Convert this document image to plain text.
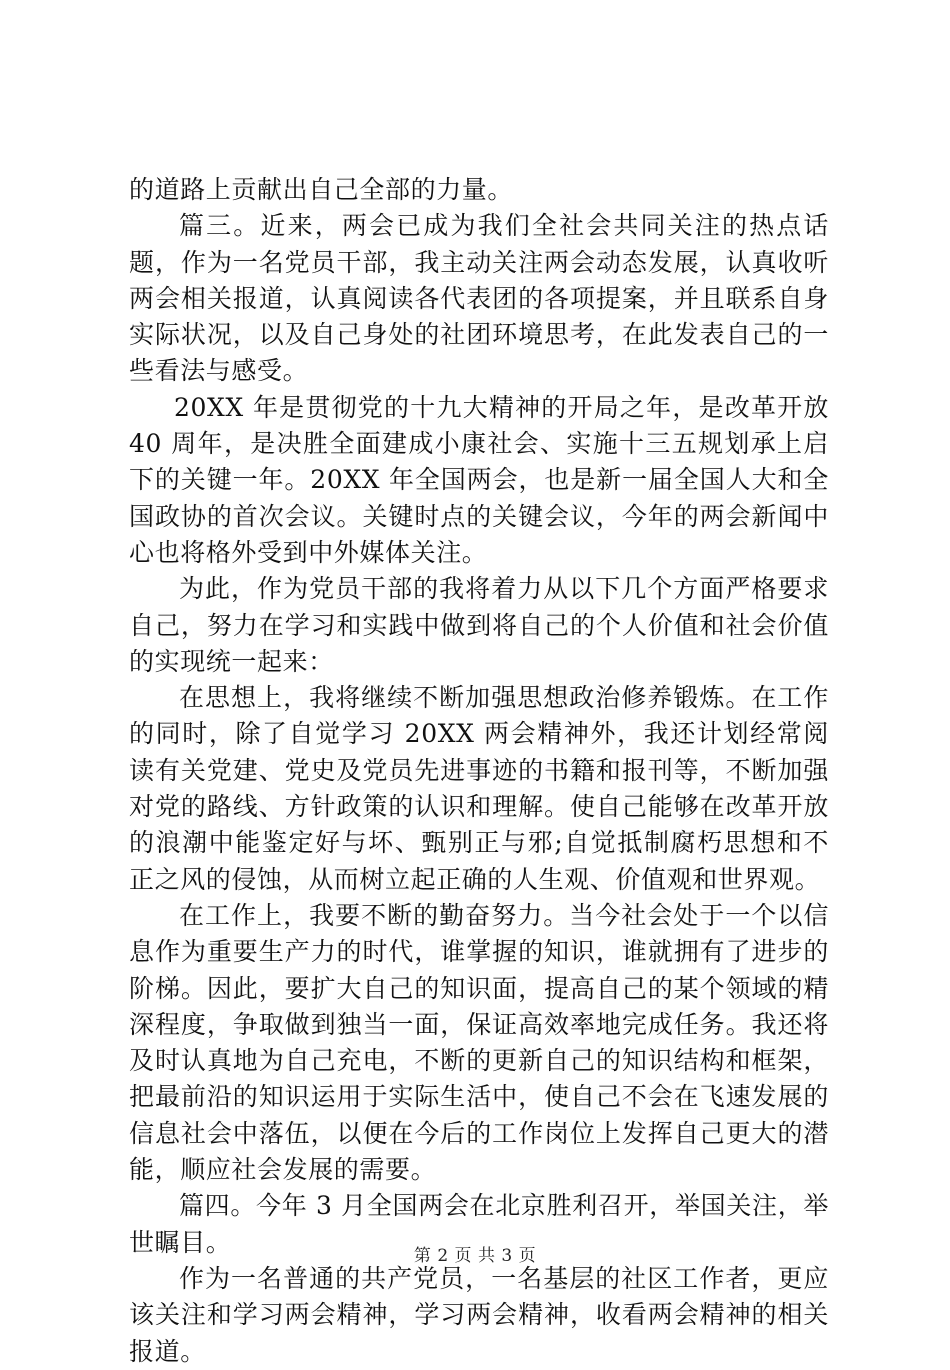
的道路上贡献出自己全部的力量。

篇三。近来，两会已成为我们全社会共同关注的热点话题，作为一名党员干部，我主动关注两会动态发展，认真收听两会相关报道，认真阅读各代表团的各项提案，并且联系自身实际状况，以及自己身处的社团环境思考，在此发表自己的一些看法与感受。

20XX 年是贯彻党的十九大精神的开局之年，是改革开放 40 周年，是决胜全面建成小康社会、实施十三五规划承上启下的关键一年。20XX 年全国两会，也是新一届全国人大和全国政协的首次会议。关键时点的关键会议，今年的两会新闻中心也将格外受到中外媒体关注。

为此，作为党员干部的我将着力从以下几个方面严格要求自己，努力在学习和实践中做到将自己的个人价值和社会价值的实现统一起来：

在思想上，我将继续不断加强思想政治修养锻炼。在工作的同时，除了自觉学习 20XX 两会精神外，我还计划经常阅读有关党建、党史及党员先进事迹的书籍和报刊等，不断加强对党的路线、方针政策的认识和理解。使自己能够在改革开放的浪潮中能鉴定好与坏、甄别正与邪;自觉抵制腐朽思想和不正之风的侵蚀，从而树立起正确的人生观、价值观和世界观。

在工作上，我要不断的勤奋努力。当今社会处于一个以信息作为重要生产力的时代，谁掌握的知识，谁就拥有了进步的阶梯。因此，要扩大自己的知识面，提高自己的某个领域的精深程度，争取做到独当一面，保证高效率地完成任务。我还将及时认真地为自己充电，不断的更新自己的知识结构和框架，把最前沿的知识运用于实际生活中，使自己不会在飞速发展的信息社会中落伍，以便在今后的工作岗位上发挥自己更大的潜能，顺应社会发展的需要。

篇四。今年 3 月全国两会在北京胜利召开，举国关注，举世瞩目。

作为一名普通的共产党员，一名基层的社区工作者，更应该关注和学习两会精神，学习两会精神，收看两会精神的相关报道。

第 2 页 共 3 页
